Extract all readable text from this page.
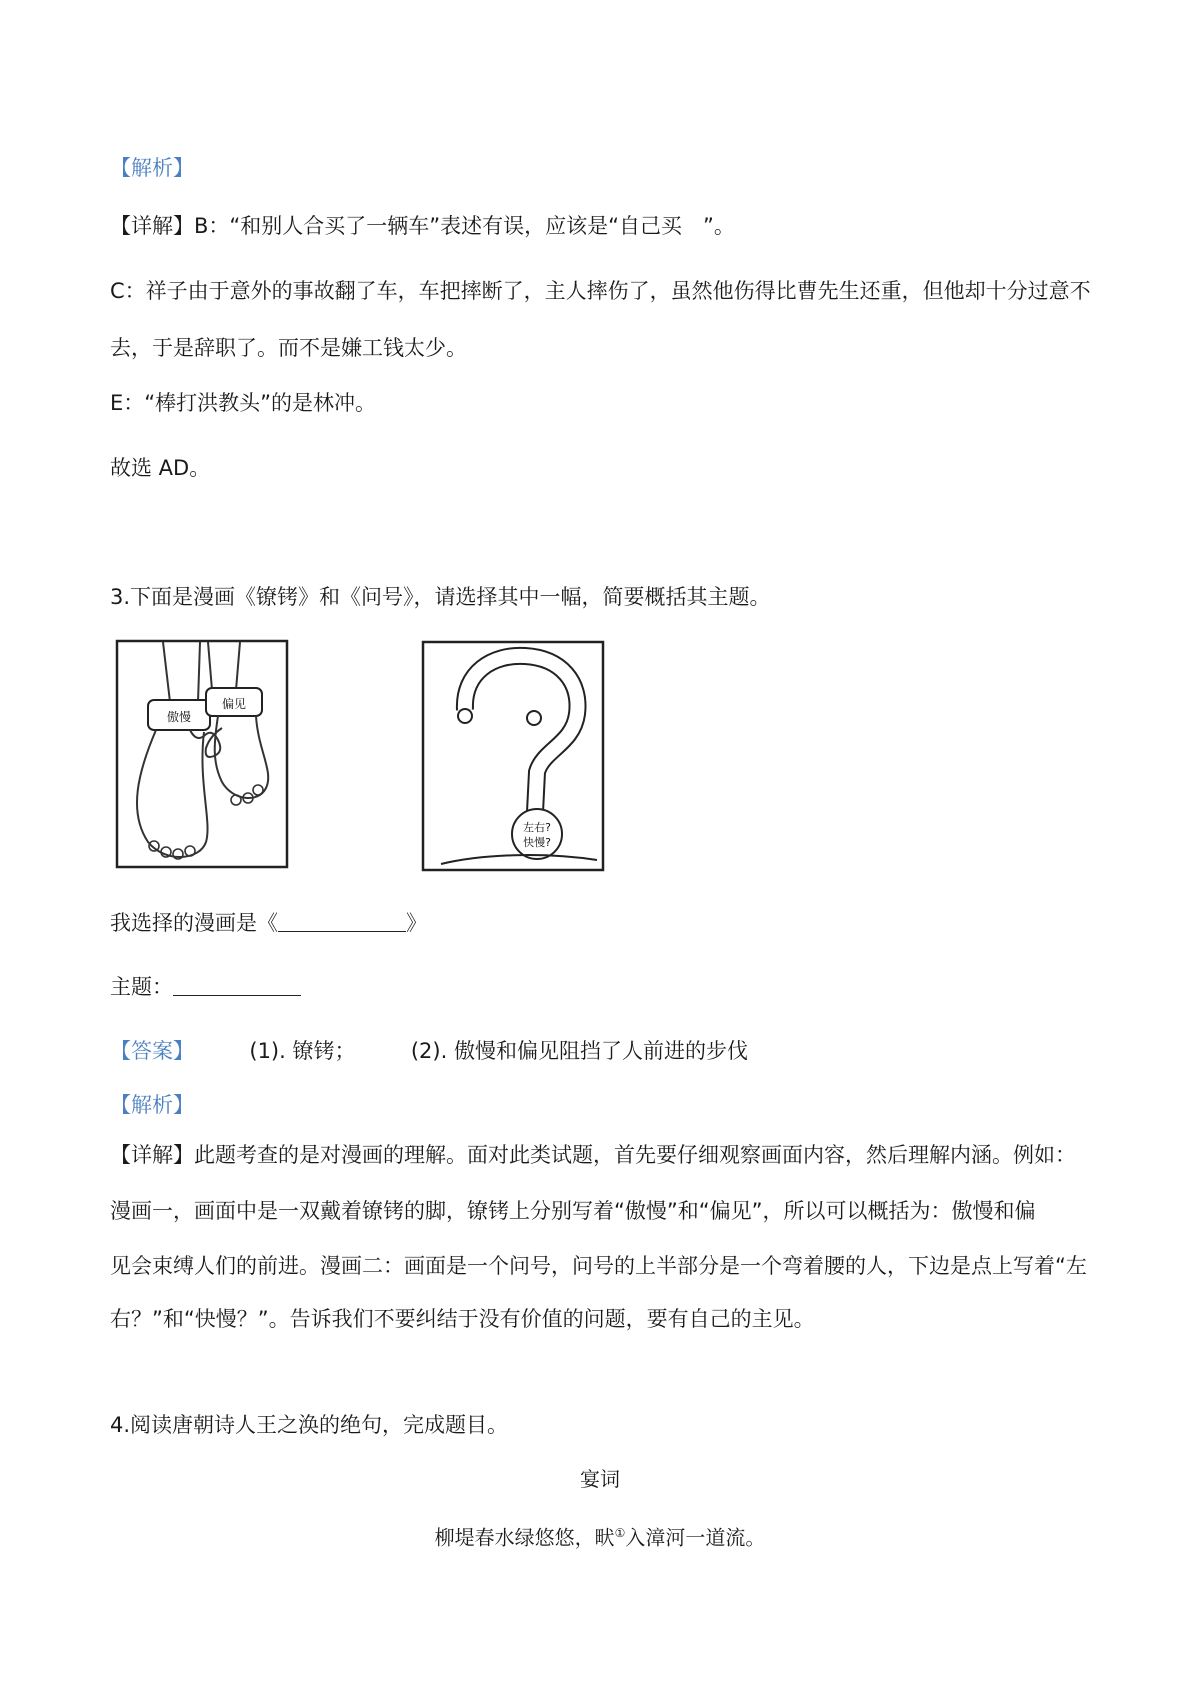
【解析】
【详解】B：“和别人合买了一辆车”表述有误，应该是“自己买　”。
C：祥子由于意外的事故翻了车，车把摔断了，主人摔伤了，虽然他伤得比曹先生还重，但他却十分过意不
去，于是辞职了。而不是嫌工钱太少。
E：“棒打洪教头”的是林冲。
故选 AD。
3.下面是漫画《镣铐》和《问号》，请选择其中一幅，简要概括其主题。
傲慢
偏见
左右?
快慢?
我选择的漫画是《	》
主题：
【答案】	(1). 镣铐；	(2). 傲慢和偏见阻挡了人前进的步伐
【解析】
【详解】此题考查的是对漫画的理解。面对此类试题，首先要仔细观察画面内容，然后理解内涵。例如：
漫画一，画面中是一双戴着镣铐的脚，镣铐上分别写着“傲慢”和“偏见”，所以可以概括为：傲慢和偏
见会束缚人们的前进。漫画二：画面是一个问号，问号的上半部分是一个弯着腰的人，下边是点上写着“左
右？”和“快慢？”。告诉我们不要纠结于没有价值的问题，要有自己的主见。
4.阅读唐朝诗人王之涣的绝句，完成题目。
宴词
柳堤春水绿悠悠，畎①入漳河一道流。
